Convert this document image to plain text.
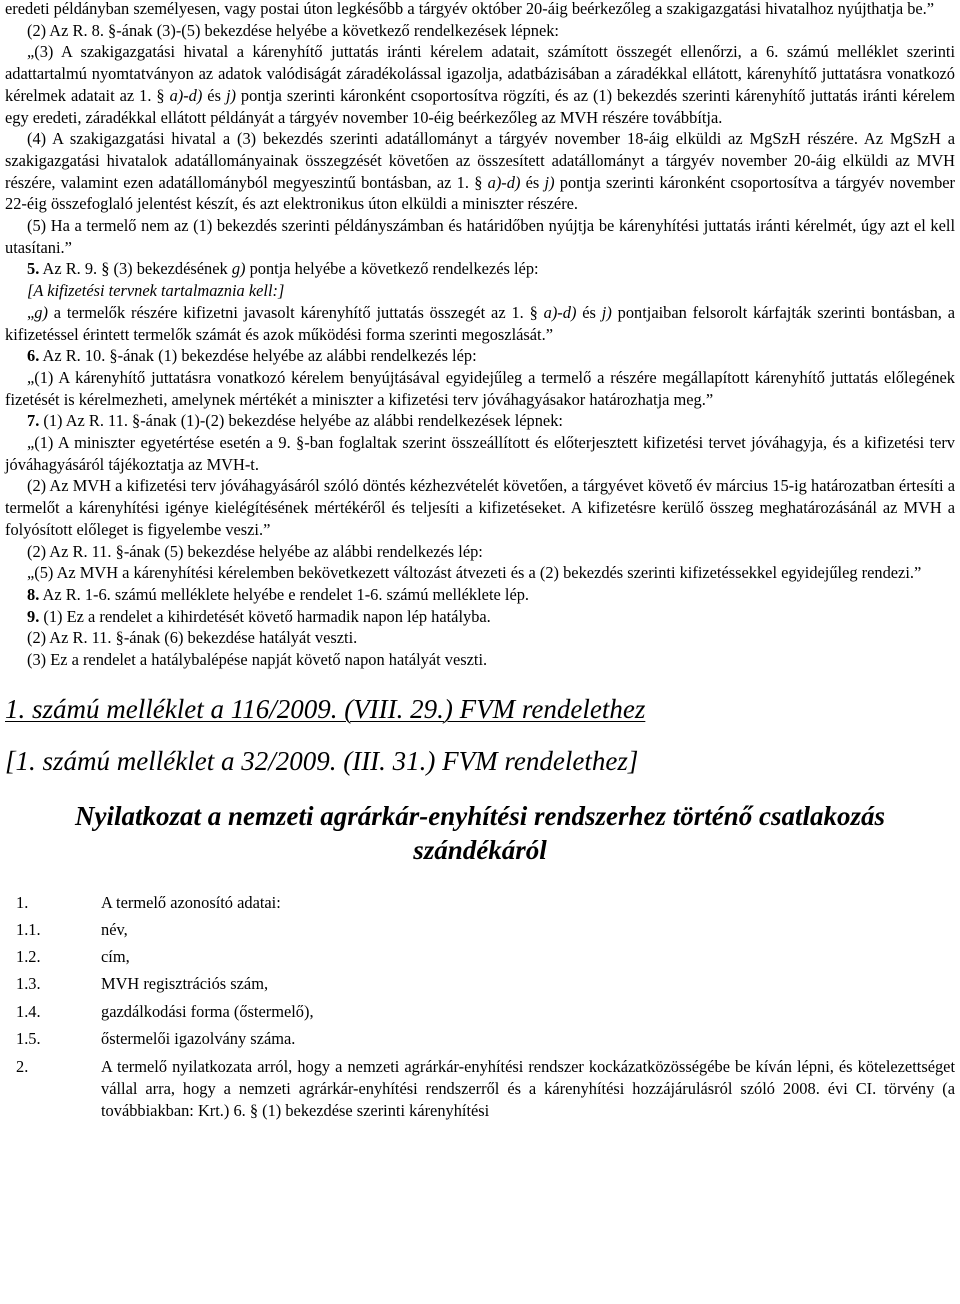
eredeti példányban személyesen, vagy postai úton legkésőbb a tárgyév október 20-áig beérkezőleg a szakigazgatási hivatalhoz nyújthatja be.”

(2) Az R. 8. §-ának (3)-(5) bekezdése helyébe a következő rendelkezések lépnek:

„(3) A szakigazgatási hivatal a kárenyhítő juttatás iránti kérelem adatait, számított összegét ellenőrzi, a 6. számú melléklet szerinti adattartalmú nyomtatványon az adatok valódiságát záradékolással igazolja, adatbázisában a záradékkal ellátott, kárenyhítő juttatásra vonatkozó kérelmek adatait az 1. § a)-d) és j) pontja szerinti káronként csoportosítva rögzíti, és az (1) bekezdés szerinti kárenyhítő juttatás iránti kérelem egy eredeti, záradékkal ellátott példányát a tárgyév november 10-éig beérkezőleg az MVH részére továbbítja.

(4) A szakigazgatási hivatal a (3) bekezdés szerinti adatállományt a tárgyév november 18-áig elküldi az MgSzH részére. Az MgSzH a szakigazgatási hivatalok adatállományainak összegzését követően az összesített adatállományt a tárgyév november 20-áig elküldi az MVH részére, valamint ezen adatállományból megyeszintű bontásban, az 1. § a)-d) és j) pontja szerinti káronként csoportosítva a tárgyév november 22-éig összefoglaló jelentést készít, és azt elektronikus úton elküldi a miniszter részére.

(5) Ha a termelő nem az (1) bekezdés szerinti példányszámban és határidőben nyújtja be kárenyhítési juttatás iránti kérelmét, úgy azt el kell utasítani.”

5. Az R. 9. § (3) bekezdésének g) pontja helyébe a következő rendelkezés lép:

[A kifizetési tervnek tartalmaznia kell:]

„g) a termelők részére kifizetni javasolt kárenyhítő juttatás összegét az 1. § a)-d) és j) pontjaiban felsorolt kárfajták szerinti bontásban, a kifizetéssel érintett termelők számát és azok működési forma szerinti megoszlását.”

6. Az R. 10. §-ának (1) bekezdése helyébe az alábbi rendelkezés lép:

„(1) A kárenyhítő juttatásra vonatkozó kérelem benyújtásával egyidejűleg a termelő a részére megállapított kárenyhítő juttatás előlegének fizetését is kérelmezheti, amelynek mértékét a miniszter a kifizetési terv jóváhagyásakor határozhatja meg.”

7. (1) Az R. 11. §-ának (1)-(2) bekezdése helyébe az alábbi rendelkezések lépnek:

„(1) A miniszter egyetértése esetén a 9. §-ban foglaltak szerint összeállított és előterjesztett kifizetési tervet jóváhagyja, és a kifizetési terv jóváhagyásáról tájékoztatja az MVH-t.

(2) Az MVH a kifizetési terv jóváhagyásáról szóló döntés kézhezvételét követően, a tárgyévet követő év március 15-ig határozatban értesíti a termelőt a kárenyhítési igénye kielégítésének mértékéről és teljesíti a kifizetéseket. A kifizetésre kerülő összeg meghatározásánál az MVH a folyósított előleget is figyelembe veszi.”

(2) Az R. 11. §-ának (5) bekezdése helyébe az alábbi rendelkezés lép:

„(5) Az MVH a kárenyhítési kérelemben bekövetkezett változást átvezeti és a (2) bekezdés szerinti kifizetéssekkel egyidejűleg rendezi.”

8. Az R. 1-6. számú melléklete helyébe e rendelet 1-6. számú melléklete lép.

9. (1) Ez a rendelet a kihirdetését követő harmadik napon lép hatályba.

(2) Az R. 11. §-ának (6) bekezdése hatályát veszti.

(3) Ez a rendelet a hatálybalépése napját követő napon hatályát veszti.

1. számú melléklet a 116/2009. (VIII. 29.) FVM rendelethez
[1. számú melléklet a 32/2009. (III. 31.) FVM rendelethez]
Nyilatkozat a nemzeti agrárkár-enyhítési rendszerhez történő csatlakozás szándékáról
1.	A termelő azonosító adatai:
1.1.	név,
1.2.	cím,
1.3.	MVH regisztrációs szám,
1.4.	gazdálkodási forma (őstermelő),
1.5.	őstermelői igazolvány száma.
2.	A termelő nyilatkozata arról, hogy a nemzeti agrárkár-enyhítési rendszer kockázatközösségébe be kíván lépni, és kötelezettséget vállal arra, hogy a nemzeti agrárkár-enyhítési rendszerről és a kárenyhítési hozzájárulásról szóló 2008. évi CI. törvény (a továbbiakban: Krt.) 6. § (1) bekezdése szerinti kárenyhítési
